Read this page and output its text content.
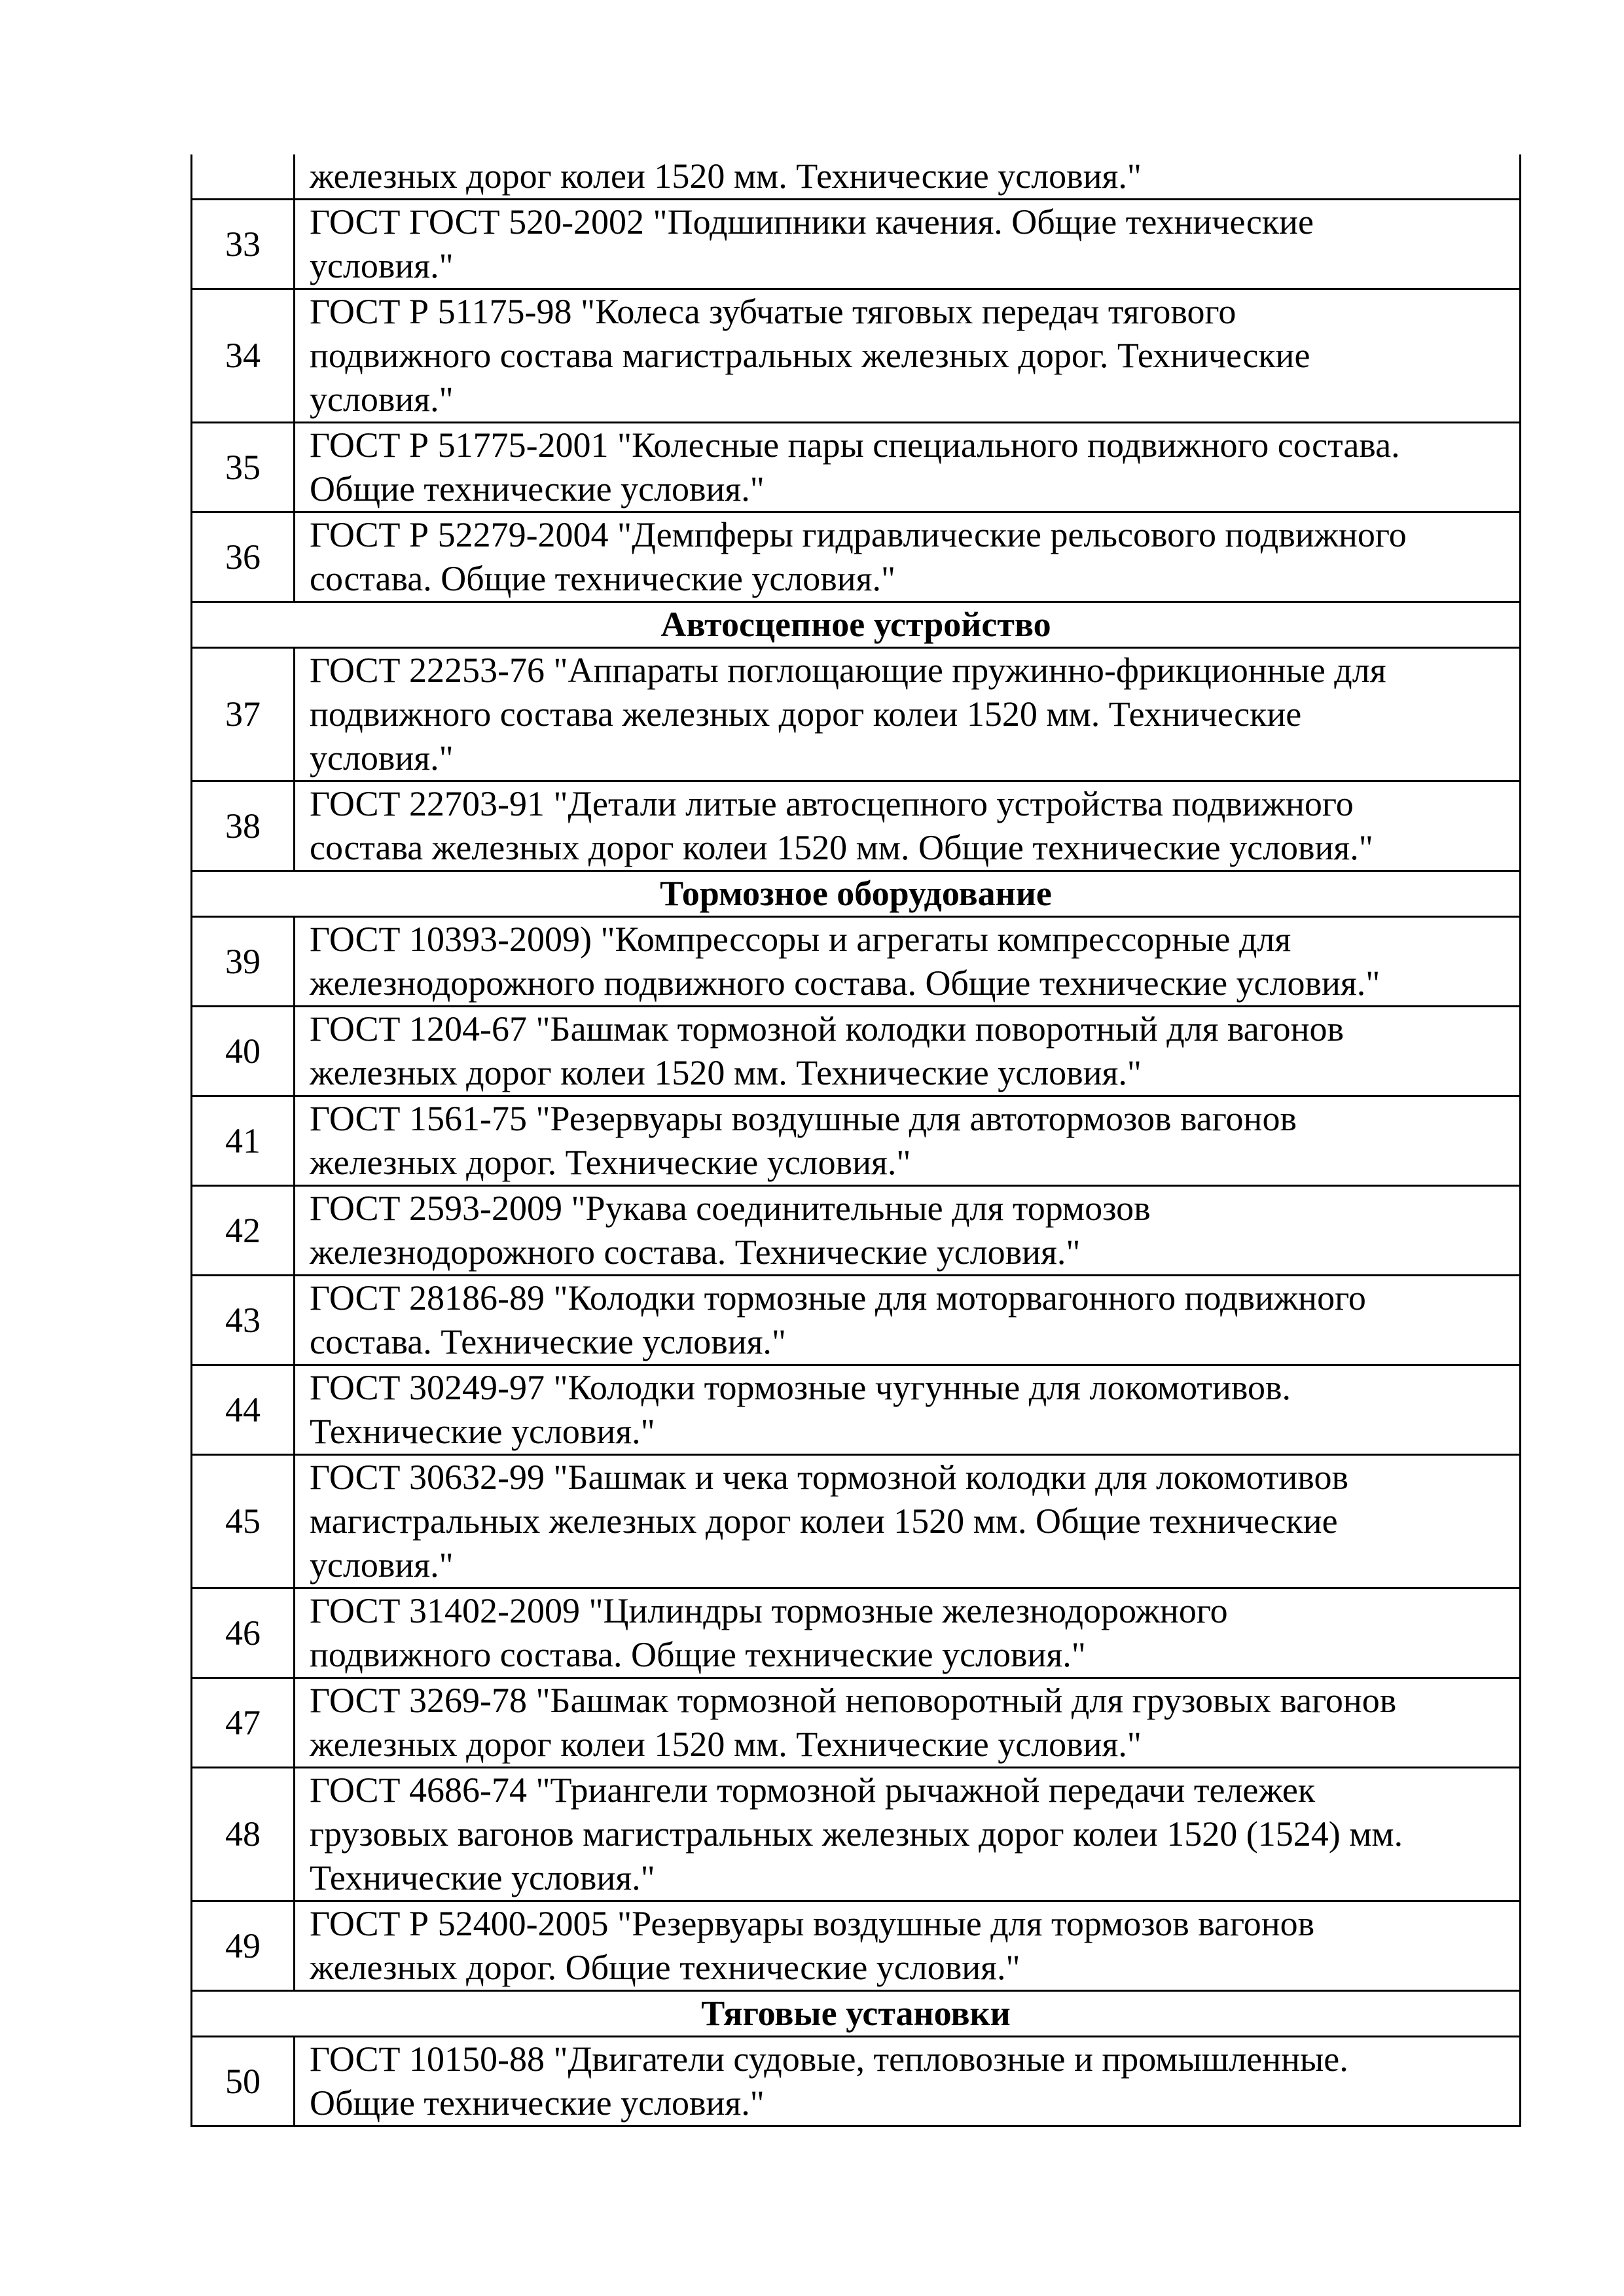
	железных дорог колеи 1520 мм. Технические условия."

33	ГОСТ ГОСТ 520-2002 "Подшипники качения. Общие технические
условия."

34	ГОСТ Р 51175-98 "Колеса зубчатые тяговых передач тягового
подвижного состава магистральных железных дорог. Технические
условия."

35	ГОСТ Р 51775-2001 "Колесные пары специального подвижного состава.
Общие технические условия."

36	ГОСТ Р 52279-2004 "Демпферы гидравлические рельсового подвижного
состава. Общие технические условия."

Автосцепное устройство	
37	ГОСТ 22253-76 "Аппараты поглощающие пружинно-фрикционные для
подвижного состава железных дорог колеи 1520 мм. Технические
условия."

38	ГОСТ 22703-91 "Детали литые автосцепного устройства подвижного
состава железных дорог колеи 1520 мм. Общие технические условия."

Тормозное оборудование	
39	ГОСТ 10393-2009) "Компрессоры и агрегаты компрессорные для
железнодорожного подвижного состава. Общие технические условия."

40	ГОСТ 1204-67 "Башмак тормозной колодки поворотный для вагонов
железных дорог колеи 1520 мм. Технические условия."

41	ГОСТ 1561-75 "Резервуары воздушные для автотормозов вагонов
железных дорог. Технические условия."

42	ГОСТ 2593-2009 "Рукава соединительные для тормозов
железнодорожного состава. Технические условия."

43	ГОСТ 28186-89 "Колодки тормозные для моторвагонного подвижного
состава. Технические условия."

44	ГОСТ 30249-97 "Колодки тормозные чугунные для локомотивов.
Технические условия."

45	ГОСТ 30632-99 "Башмак и чека тормозной колодки для локомотивов
магистральных железных дорог колеи 1520 мм. Общие технические
условия."

46	ГОСТ 31402-2009 "Цилиндры тормозные железнодорожного
подвижного состава. Общие технические условия."

47	ГОСТ 3269-78 "Башмак тормозной неповоротный для грузовых вагонов
железных дорог колеи 1520 мм. Технические условия."

48	ГОСТ 4686-74 "Триангели тормозной рычажной передачи тележек
грузовых вагонов магистральных железных дорог колеи 1520 (1524) мм.
Технические условия."

49	ГОСТ Р 52400-2005 "Резервуары воздушные для тормозов вагонов
железных дорог. Общие технические условия."

Тяговые установки	
50	ГОСТ 10150-88 "Двигатели судовые, тепловозные и промышленные.
Общие технические условия."
